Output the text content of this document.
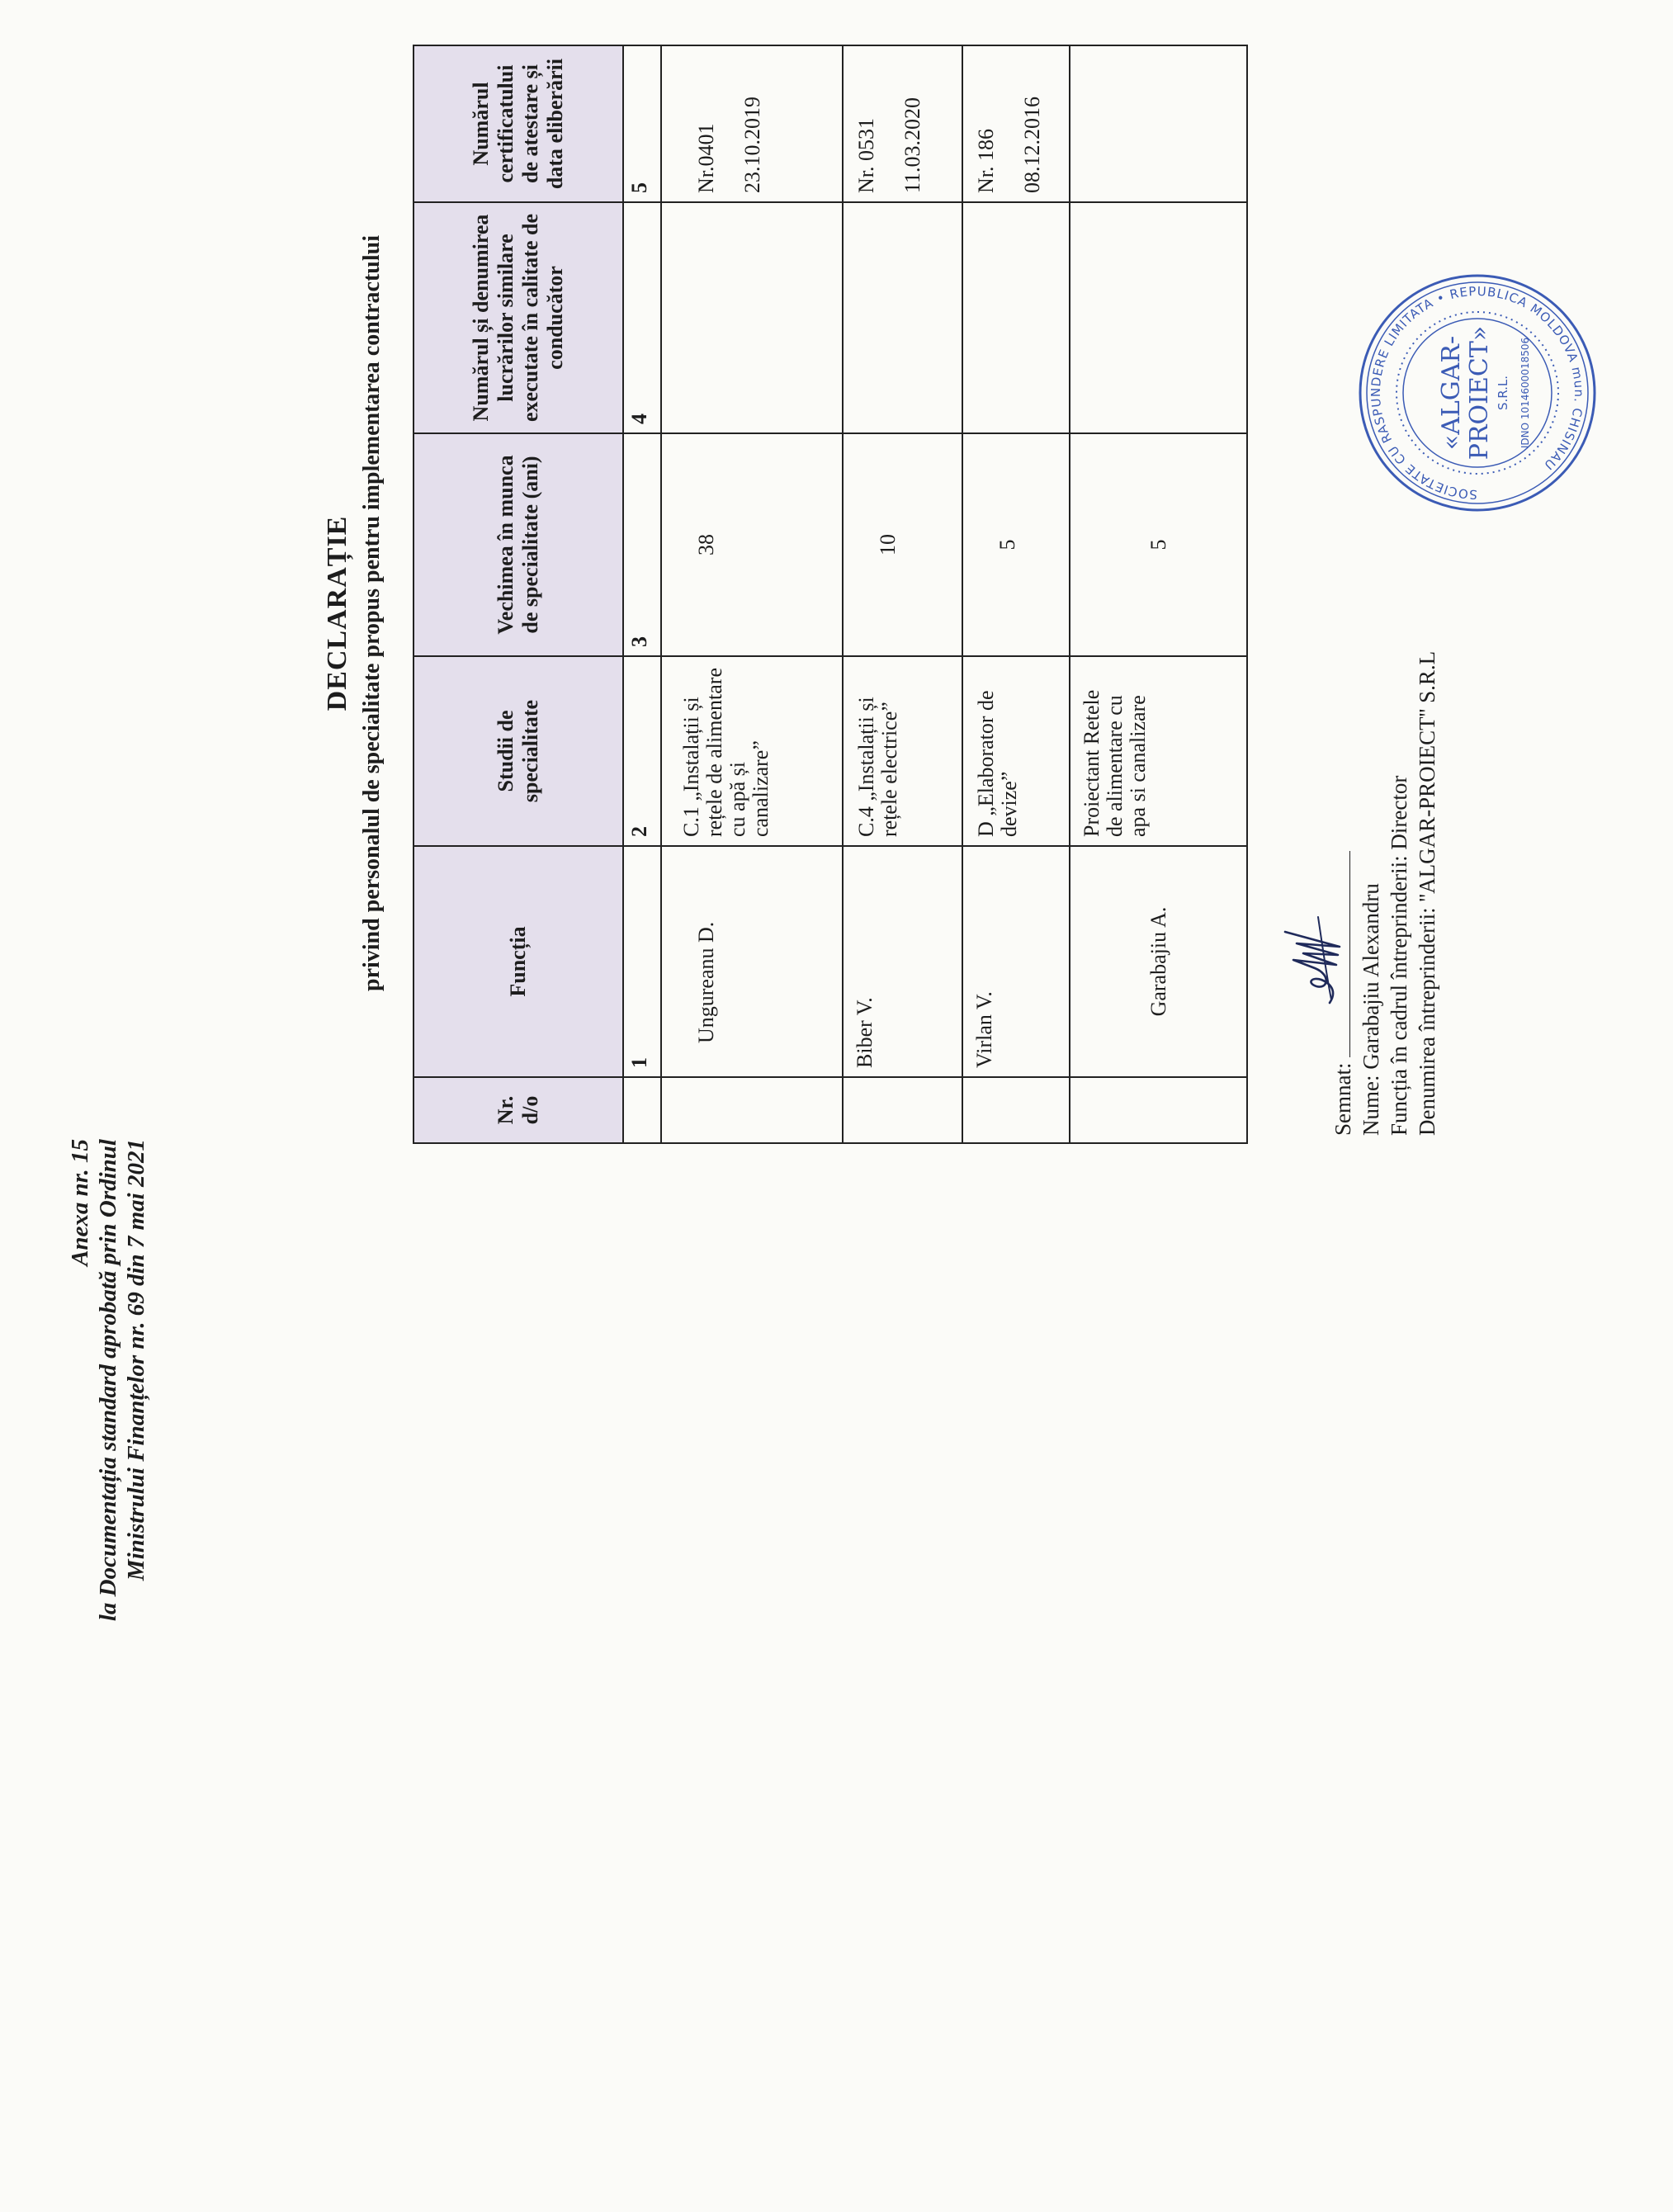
Anexa nr. 15 la Documentația standard aprobată prin Ordinul Ministrului Finanțelor nr. 69 din 7 mai 2021
DECLARAȚIE privind personalul de specialitate propus pentru implementarea contractului
Nr. d/o	Funcția	Studii de specialitate	Vechimea în munca de specialitate (ani)	Numărul și denumirea lucrărilor similare executate în calitate de conducător	Numărul certificatului de atestare și data eliberării
	1	2	3	4	5
	Ungureanu D.	C.1 „Instalații și rețele de alimentare cu apă și canalizare”	38		Nr.0401 23.10.2019

	Biber V.	C.4 „Instalații și rețele electrice”	10		Nr. 0531 11.03.2020

	Virlan V.	D „Elaborator de devize”	5		Nr. 186 08.12.2016

	Garabajiu A.	Proiectant Retele de alimentare cu apa si canalizare	5		
Semnat: Nume: Garabajiu Alexandru Funcția în cadrul întreprinderii: Director Denumirea întreprinderii: ''ALGAR-PROIECT'' S.R.L
SOCIETATE CU RASPUNDERE LIMITATA • REPUBLICA MOLDOVA mun. CHISINAU
«ALGAR- PROIECT» S.R.L. IDNO 1014600018506
